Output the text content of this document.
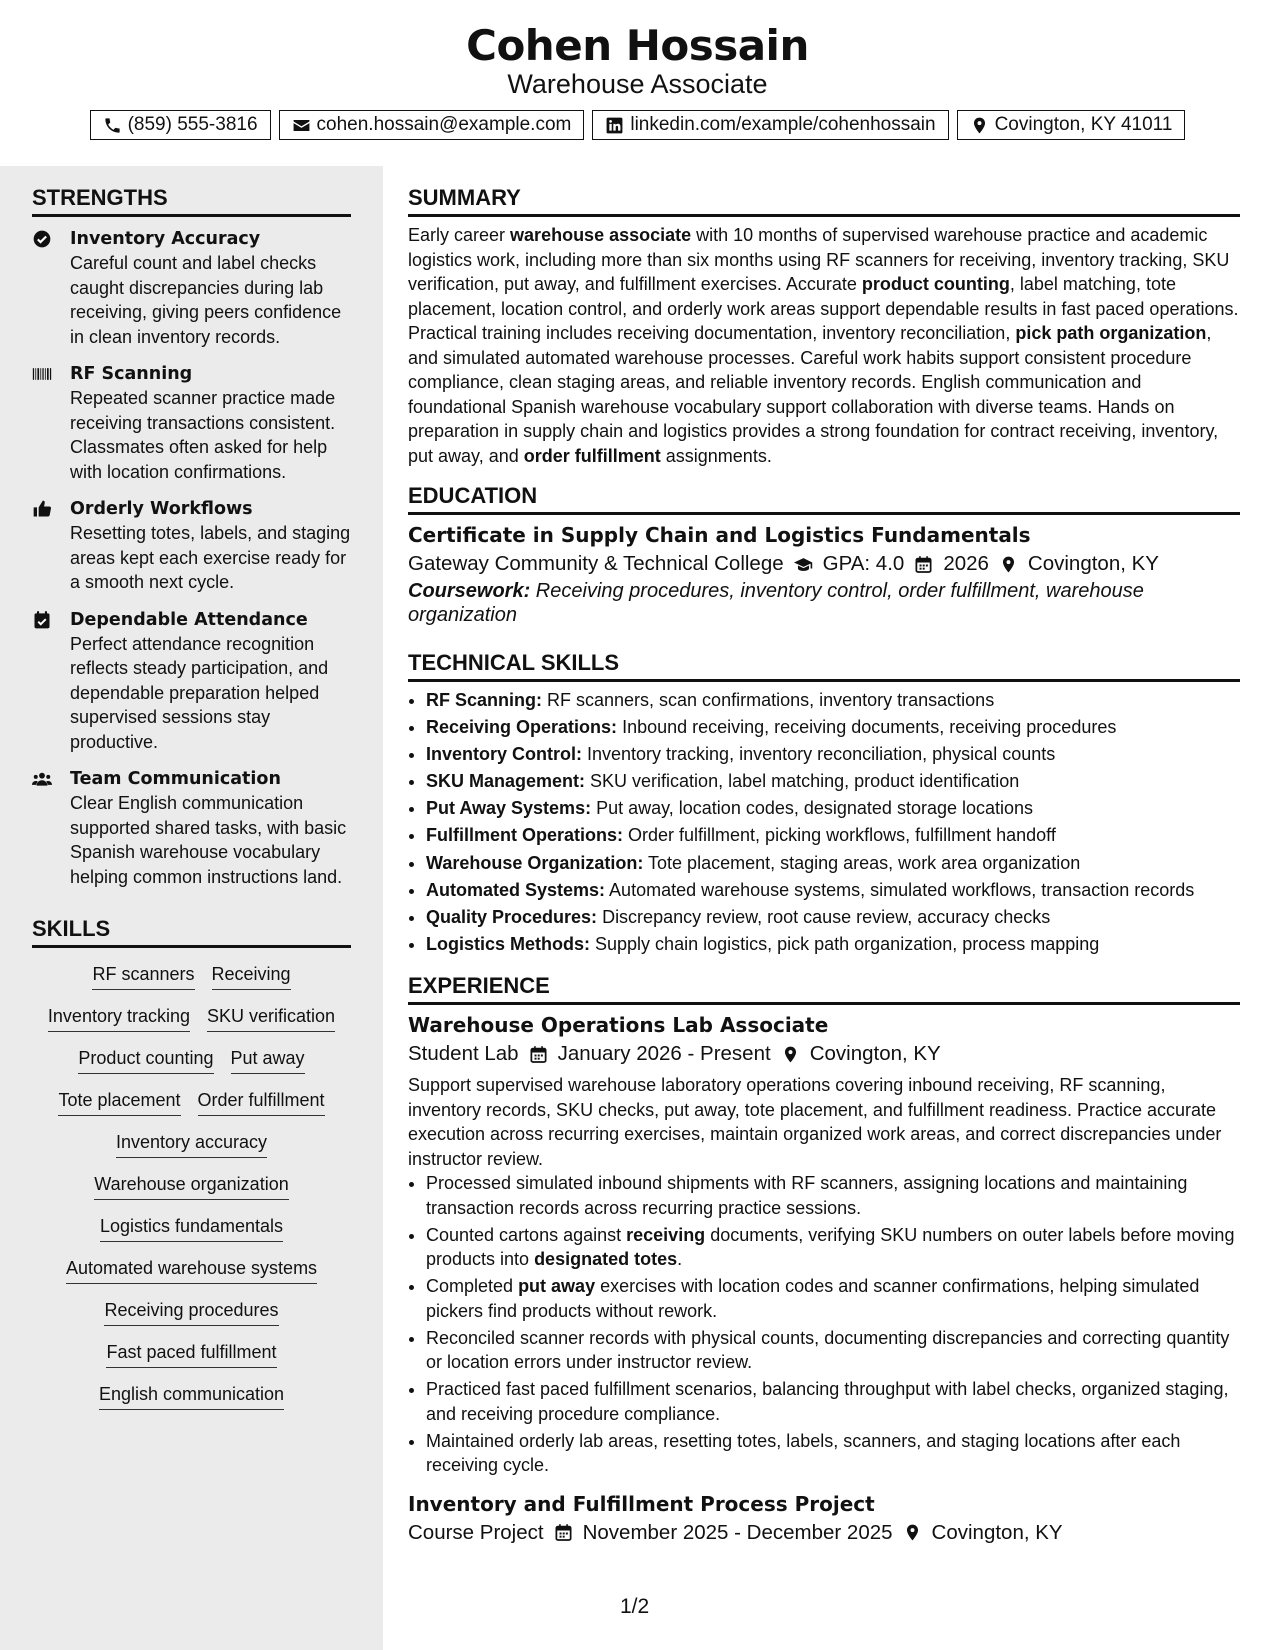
Cohen Hossain
Warehouse Associate
(859) 555-3816	cohen.hossain@example.com	linkedin.com/example/cohenhossain	Covington, KY 41011
STRENGTHS
Inventory Accuracy
Careful count and label checks caught discrepancies during lab receiving, giving peers confidence in clean inventory records.
RF Scanning
Repeated scanner practice made receiving transactions consistent. Classmates often asked for help with location confirmations.
Orderly Workflows
Resetting totes, labels, and staging areas kept each exercise ready for a smooth next cycle.
Dependable Attendance
Perfect attendance recognition reflects steady participation, and dependable preparation helped supervised sessions stay productive.
Team Communication
Clear English communication supported shared tasks, with basic Spanish warehouse vocabulary helping common instructions land.
SKILLS
RF scanners Receiving
Inventory tracking SKU verification
Product counting Put away
Tote placement Order fulfillment
Inventory accuracy
Warehouse organization
Logistics fundamentals
Automated warehouse systems
Receiving procedures
Fast paced fulfillment
English communication
SUMMARY

Early career warehouse associate with 10 months of supervised warehouse practice and academic logistics work, including more than six months using RF scanners for receiving, inventory tracking, SKU verification, put away, and fulfillment exercises. Accurate product counting, label matching, tote placement, location control, and orderly work areas support dependable results in fast paced operations. Practical training includes receiving documentation, inventory reconciliation, pick path organization, and simulated automated warehouse processes. Careful work habits support consistent procedure compliance, clean staging areas, and reliable inventory records. English communication and foundational Spanish warehouse vocabulary support collaboration with diverse teams. Hands on preparation in supply chain and logistics provides a strong foundation for contract receiving, inventory, put away, and order fulfillment assignments.

EDUCATION
Certificate in Supply Chain and Logistics Fundamentals
Gateway Community & Technical College GPA: 4.0 2026 Covington, KY
Coursework: Receiving procedures, inventory control, order fulfillment, warehouse organization
TECHNICAL SKILLS
• RF Scanning: RF scanners, scan confirmations, inventory transactions
• Receiving Operations: Inbound receiving, receiving documents, receiving procedures
• Inventory Control: Inventory tracking, inventory reconciliation, physical counts
• SKU Management: SKU verification, label matching, product identification
• Put Away Systems: Put away, location codes, designated storage locations
• Fulfillment Operations: Order fulfillment, picking workflows, fulfillment handoff
• Warehouse Organization: Tote placement, staging areas, work area organization
• Automated Systems: Automated warehouse systems, simulated workflows, transaction records
• Quality Procedures: Discrepancy review, root cause review, accuracy checks
• Logistics Methods: Supply chain logistics, pick path organization, process mapping
EXPERIENCE
Warehouse Operations Lab Associate
Student Lab January 2026 - Present Covington, KY

Support supervised warehouse laboratory operations covering inbound receiving, RF scanning, inventory records, SKU checks, put away, tote placement, and fulfillment readiness. Practice accurate execution across recurring exercises, maintain organized work areas, and correct discrepancies under instructor review.

• Processed simulated inbound shipments with RF scanners, assigning locations and maintaining transaction records across recurring practice sessions.
• Counted cartons against receiving documents, verifying SKU numbers on outer labels before moving products into designated totes.
• Completed put away exercises with location codes and scanner confirmations, helping simulated pickers find products without rework.
• Reconciled scanner records with physical counts, documenting discrepancies and correcting quantity or location errors under instructor review.
• Practiced fast paced fulfillment scenarios, balancing throughput with label checks, organized staging, and receiving procedure compliance.
• Maintained orderly lab areas, resetting totes, labels, scanners, and staging locations after each receiving cycle.
Inventory and Fulfillment Process Project
Course Project November 2025 - December 2025 Covington, KY
1/2
